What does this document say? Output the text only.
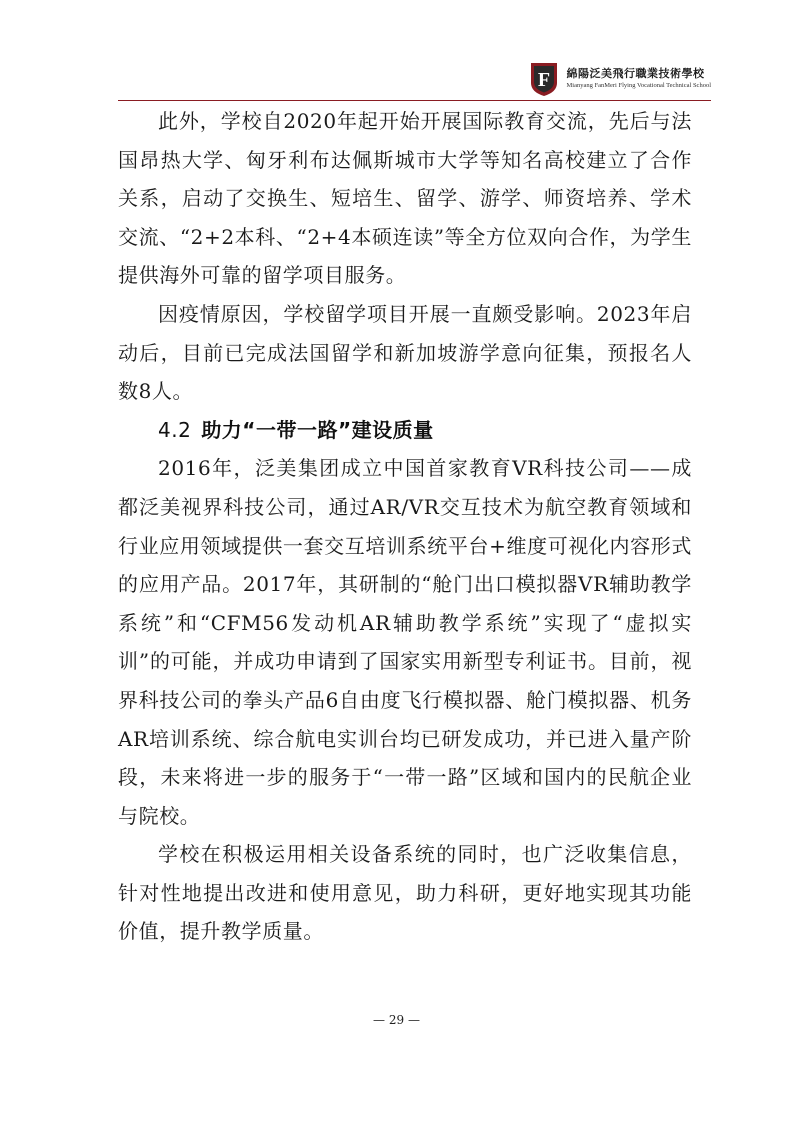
F 綿陽泛美飛行職業技術學校
Mianyang FanMeri Flying Vocational Technical School

此外，学校自2020年起开始开展国际教育交流，先后与法国昂热大学、匈牙利布达佩斯城市大学等知名高校建立了合作关系，启动了交换生、短培生、留学、游学、师资培养、学术交流、“2+2本科、“2+4本硕连读”等全方位双向合作，为学生提供海外可靠的留学项目服务。

因疫情原因，学校留学项目开展一直颇受影响。2023年启动后，目前已完成法国留学和新加坡游学意向征集，预报名人数8人。

4.2 助力“一带一路”建设质量

2016年，泛美集团成立中国首家教育VR科技公司——成都泛美视界科技公司，通过AR/VR交互技术为航空教育领域和行业应用领域提供一套交互培训系统平台+维度可视化内容形式的应用产品。2017年，其研制的“舱门出口模拟器VR辅助教学系统”和“CFM56发动机AR辅助教学系统”实现了“虚拟实训”的可能，并成功申请到了国家实用新型专利证书。目前，视界科技公司的拳头产品6自由度飞行模拟器、舱门模拟器、机务AR培训系统、综合航电实训台均已研发成功，并已进入量产阶段，未来将进一步的服务于“一带一路”区域和国内的民航企业与院校。

学校在积极运用相关设备系统的同时，也广泛收集信息，针对性地提出改进和使用意见，助力科研，更好地实现其功能价值，提升教学质量。

— 29 —
